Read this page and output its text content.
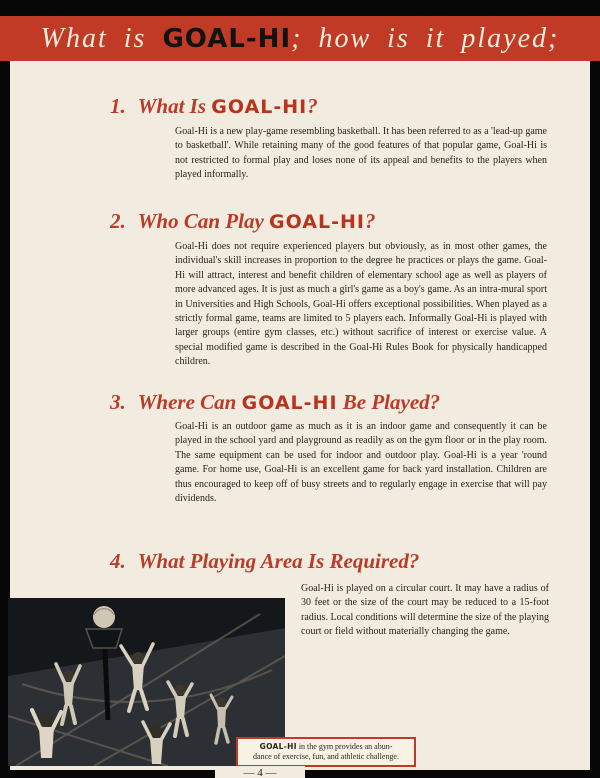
What is GOAL-HI; how is it played;
1. What Is GOAL-HI?
Goal-Hi is a new play-game resembling basketball. It has been referred to as a 'lead-up game to basketball'. While retaining many of the good features of that popular game, Goal-Hi is not restricted to formal play and loses none of its appeal and benefits to the players when played informally.
2. Who Can Play GOAL-HI?
Goal-Hi does not require experienced players but obviously, as in most other games, the individual's skill increases in proportion to the degree he practices or plays the game. Goal-Hi will attract, interest and benefit children of elementary school age as well as players of more advanced ages. It is just as much a girl's game as a boy's game. As an intra-mural sport in Universities and High Schools, Goal-Hi offers exceptional possibilities. When played as a strictly formal game, teams are limited to 5 players each. Informally Goal-Hi is played with larger groups (entire gym classes, etc.) without sacrifice of interest or exercise value. A special modified game is described in the Goal-Hi Rules Book for physically handicapped children.
3. Where Can GOAL-HI Be Played?
Goal-Hi is an outdoor game as much as it is an indoor game and consequently it can be played in the school yard and playground as readily as on the gym floor or in the play room. The same equipment can be used for indoor and outdoor play. Goal-Hi is a year 'round game. For home use, Goal-Hi is an excellent game for back yard installation. Children are thus encouraged to keep off of busy streets and to regularly engage in exercise that will pay dividends.
4. What Playing Area Is Required?
Goal-Hi is played on a circular court. It may have a radius of 30 feet or the size of the court may be reduced to a 15-foot radius. Local conditions will determine the size of the playing court or field without materially changing the game.
GOAL-HI in the gym provides an abun-
dance of exercise, fun, and athletic challenge.
— 4 —
